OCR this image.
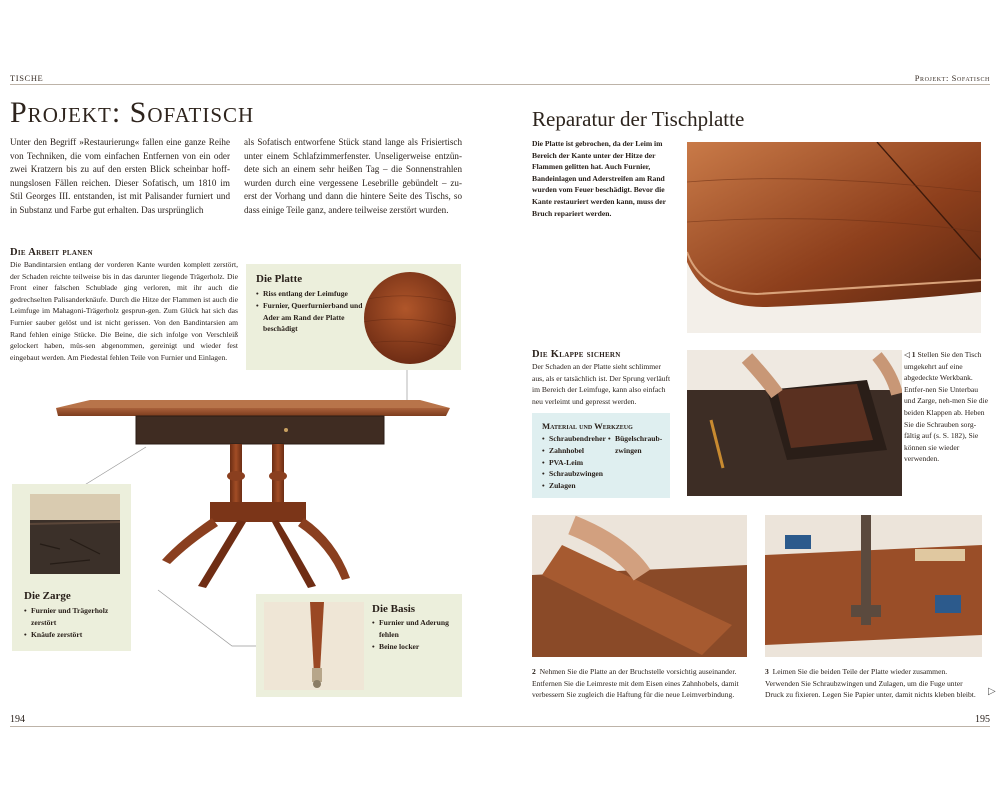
TISCHE	Projekt: Sofatisch
Projekt: Sofatisch
Unter den Begriff »Restaurierung« fallen eine ganze Reihe von Techniken, die vom einfachen Entfernen von ein oder zwei Kratzern bis zu auf den ersten Blick scheinbar hoff-nungslosen Fällen reichen. Dieser Sofatisch, um 1810 im Stil Georges III. entstanden, ist mit Palisander furniert und in Substanz und Farbe gut erhalten. Das ursprünglich
als Sofatisch entworfene Stück stand lange als Frisiertisch unter einem Schlafzimmerfenster. Unseligerweise entzün-dete sich an einem sehr heißen Tag – die Sonnenstrahlen wurden durch eine vergessene Lesebrille gebündelt – zu-erst der Vorhang und dann die hintere Seite des Tischs, so dass einige Teile ganz, andere teilweise zerstört wurden.
Die Arbeit planen
Die Bandintarsien entlang der vorderen Kante wurden komplett zerstört, der Schaden reichte teilweise bis in das darunter liegende Trägerholz. Die Front einer falschen Schublade ging verloren, mit ihr auch die gedrechselten Palisanderknäufe. Durch die Hitze der Flammen ist auch die Leimfuge im Mahagoni-Trägerholz gesprun-gen. Zum Glück hat sich das Furnier sauber gelöst und ist nicht gerissen. Von den Bandintarsien am Rand fehlen einige Stücke. Die Beine, die sich infolge von Verschleiß gelockert haben, müs-sen abgenommen, gereinigt und wieder fest eingebaut werden. Am Piedestal fehlen Teile von Furnier und Einlagen.
Die Platte
• Riss entlang der Leimfuge
• Furnier, Querfurnierband und Ader am Rand der Platte beschädigt
Die Zarge
• Furnier und Trägerholz zerstört
• Knäufe zerstört
Die Basis
• Furnier und Aderung fehlen
• Beine locker
Reparatur der Tischplatte
Die Platte ist gebrochen, da der Leim im Bereich der Kante unter der Hitze der Flammen gelitten hat. Auch Furnier, Bandeinlagen und Aderstreifen am Rand wurden vom Feuer beschädigt. Bevor die Kante restauriert werden kann, muss der Bruch repariert werden.
Die Klappe sichern
Der Schaden an der Platte sieht schlimmer aus, als er tatsächlich ist. Der Sprung verläuft im Bereich der Leimfuge, kann also einfach neu verleimt und gepresst werden.
Material und Werkzeug
• Schraubendreher
• Zahnhobel
• PVA-Leim
• Schraubzwingen
• Zulagen
• Bügelschraub-zwingen
◁ 1 Stellen Sie den Tisch umgekehrt auf eine abgedeckte Werkbank. Entfer-nen Sie Unterbau und Zarge, neh-men Sie die beiden Klappen ab. Heben Sie die Schrauben sorg-fältig auf (s. S. 182), Sie können sie wieder verwenden.
2 Nehmen Sie die Platte an der Bruchstelle vorsichtig auseinander. Entfernen Sie die Leimreste mit dem Eisen eines Zahnhobels, damit verbessern Sie zugleich die Haftung für die neue Leimverbindung.
3 Leimen Sie die beiden Teile der Platte wieder zusammen. Verwenden Sie Schraubzwingen und Zulagen, um die Fuge unter Druck zu fixieren. Legen Sie Papier unter, damit nichts kleben bleibt.	▷
194	195
